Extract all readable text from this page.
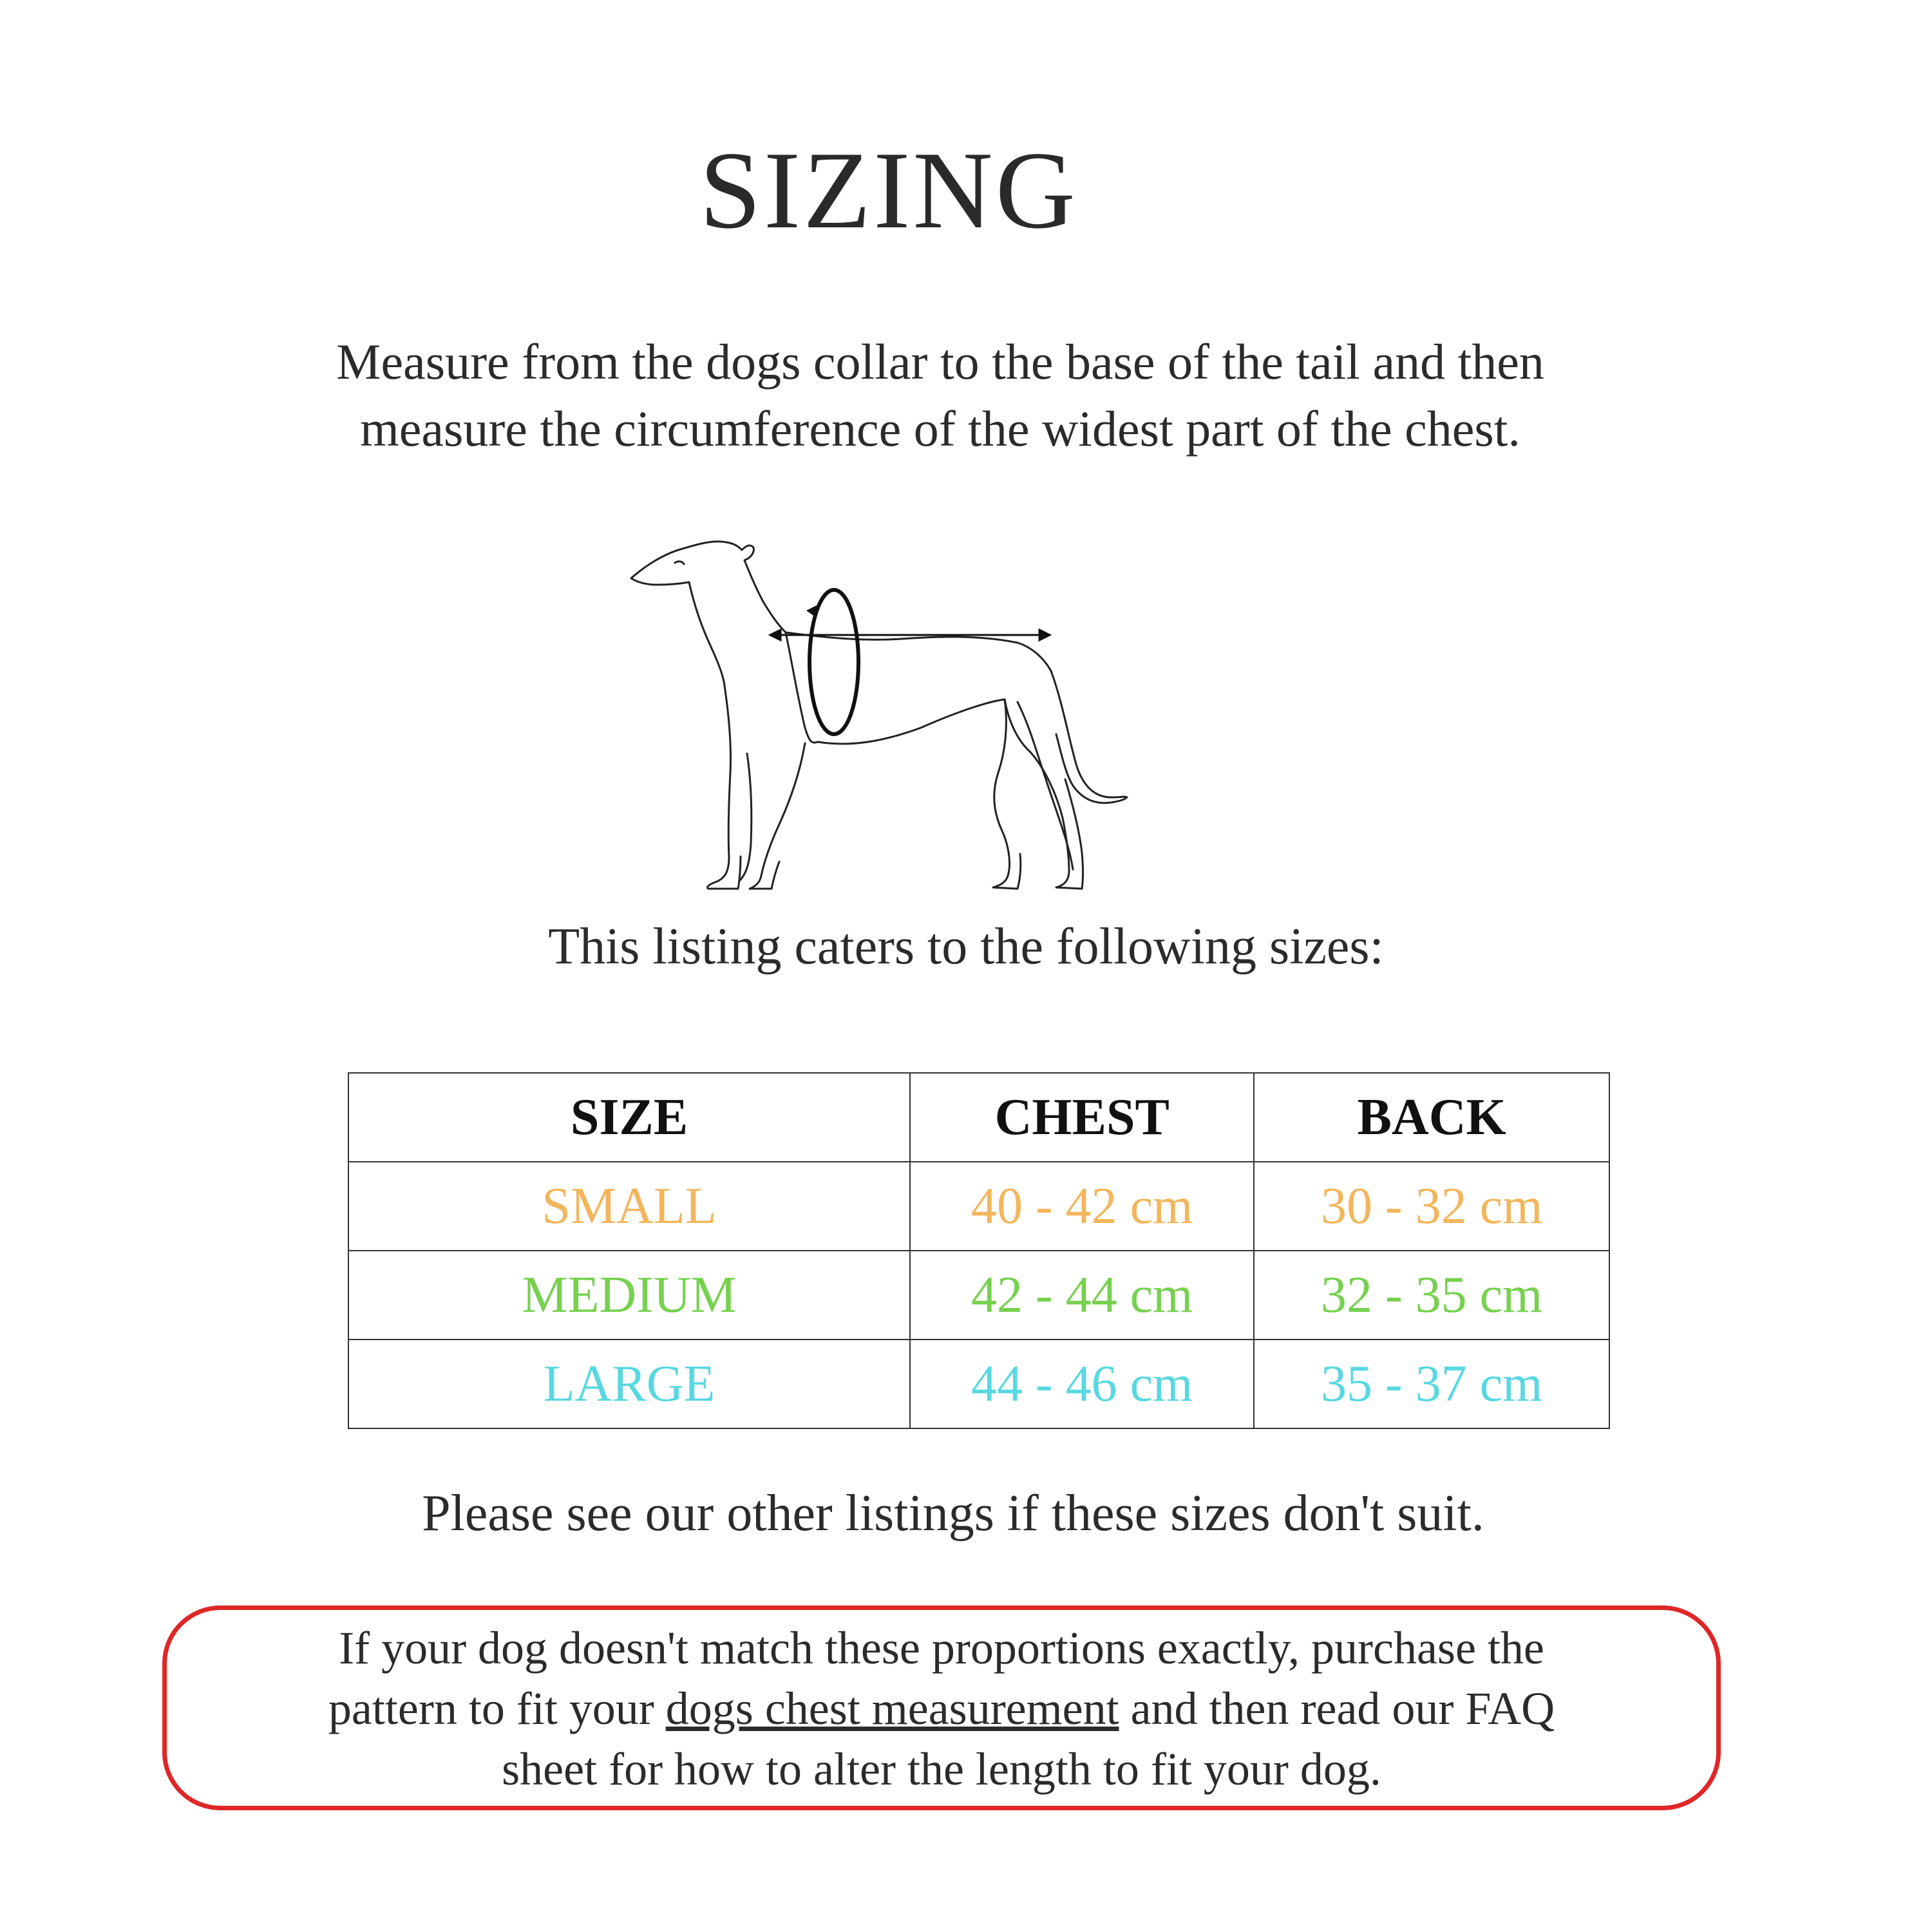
SIZING
Measure from the dogs collar to the base of the tail and then
measure the circumference of the widest part of the chest.
This listing caters to the following sizes:
SIZE	CHEST	BACK
SMALL	40 - 42 cm	30 - 32 cm
MEDIUM	42 - 44 cm	32 - 35 cm
LARGE	44 - 46 cm	35 - 37 cm
Please see our other listings if these sizes don't suit.
If your dog doesn't match these proportions exactly, purchase the
pattern to fit your dogs chest measurement and then read our FAQ
sheet for how to alter the length to fit your dog.
